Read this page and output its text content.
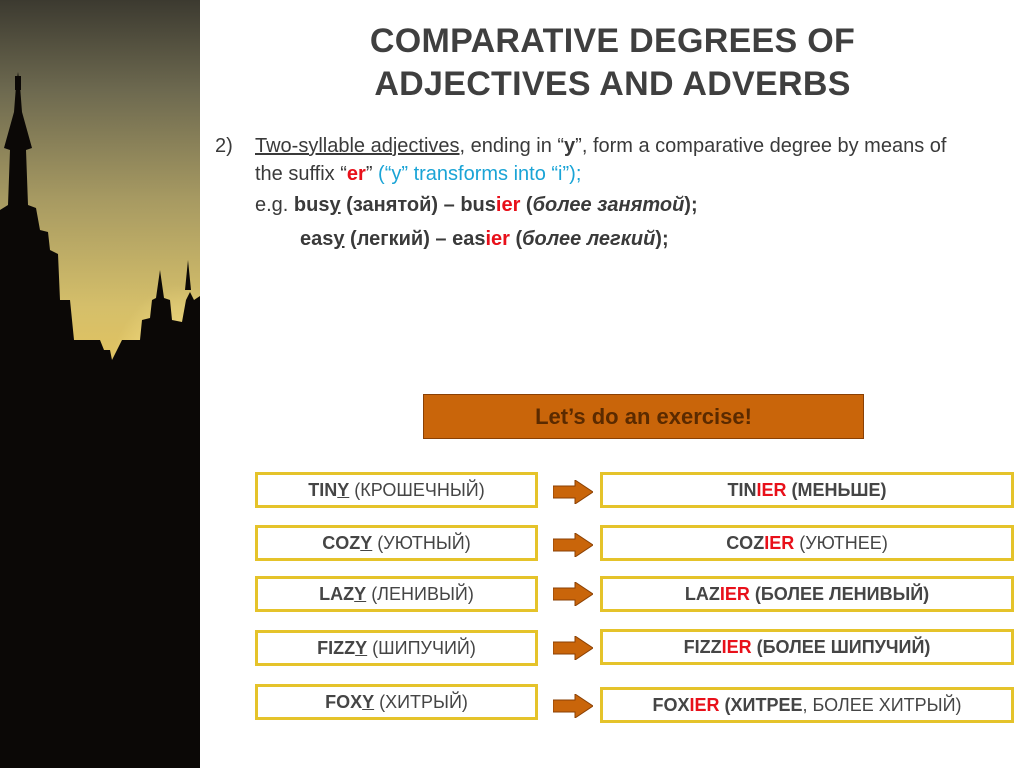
COMPARATIVE DEGREES OF
ADJECTIVES AND ADVERBS
2) Two-syllable adjectives, ending in “y”, form a comparative degree by means of the suffix “er” (“y” transforms into “i”);
e.g. busy (занятой) – busier (более занятой);
easy (легкий) – easier (более легкий);
Let’s do an exercise!
TINY (КРОШЕЧНЫЙ)	TINIER (МЕНЬШЕ)
COZY (УЮТНЫЙ)	COZIER (УЮТНЕЕ)
LAZY (ЛЕНИВЫЙ)	LAZIER (БОЛЕЕ ЛЕНИВЫЙ)
FIZZY (ШИПУЧИЙ)	FIZZIER (БОЛЕЕ ШИПУЧИЙ)
FOXY (ХИТРЫЙ)	FOXIER (ХИТРЕЕ, БОЛЕЕ ХИТРЫЙ)
